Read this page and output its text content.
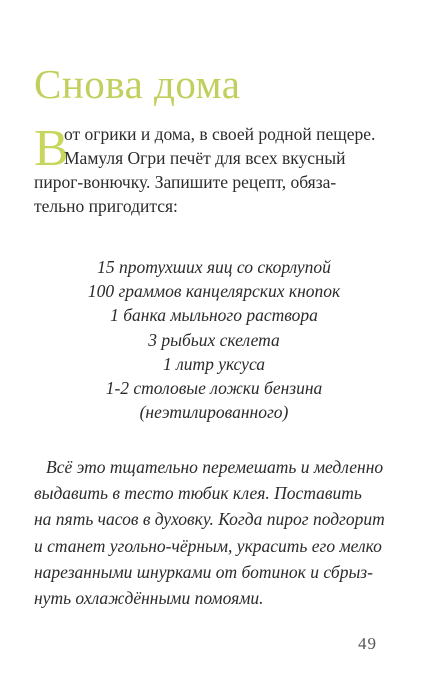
Снова дома
В
от огрики и дома, в своей родной пещере.
Мамуля Огри печёт для всех вкусный
пирог-вонючку. Запишите рецепт, обяза-
тельно пригодится:
15 протухших яиц со скорлупой
100 граммов канцелярских кнопок
1 банка мыльного раствора
3 рыбьих скелета
1 литр уксуса
1-2 столовые ложки бензина
(неэтилированного)
Всё это тщательно перемешать и медленно
выдавить в тесто тюбик клея. Поставить
на пять часов в духовку. Когда пирог подгорит
и станет угольно-чёрным, украсить его мелко
нарезанными шнурками от ботинок и сбрыз-
нуть охлаждёнными помоями.
49
